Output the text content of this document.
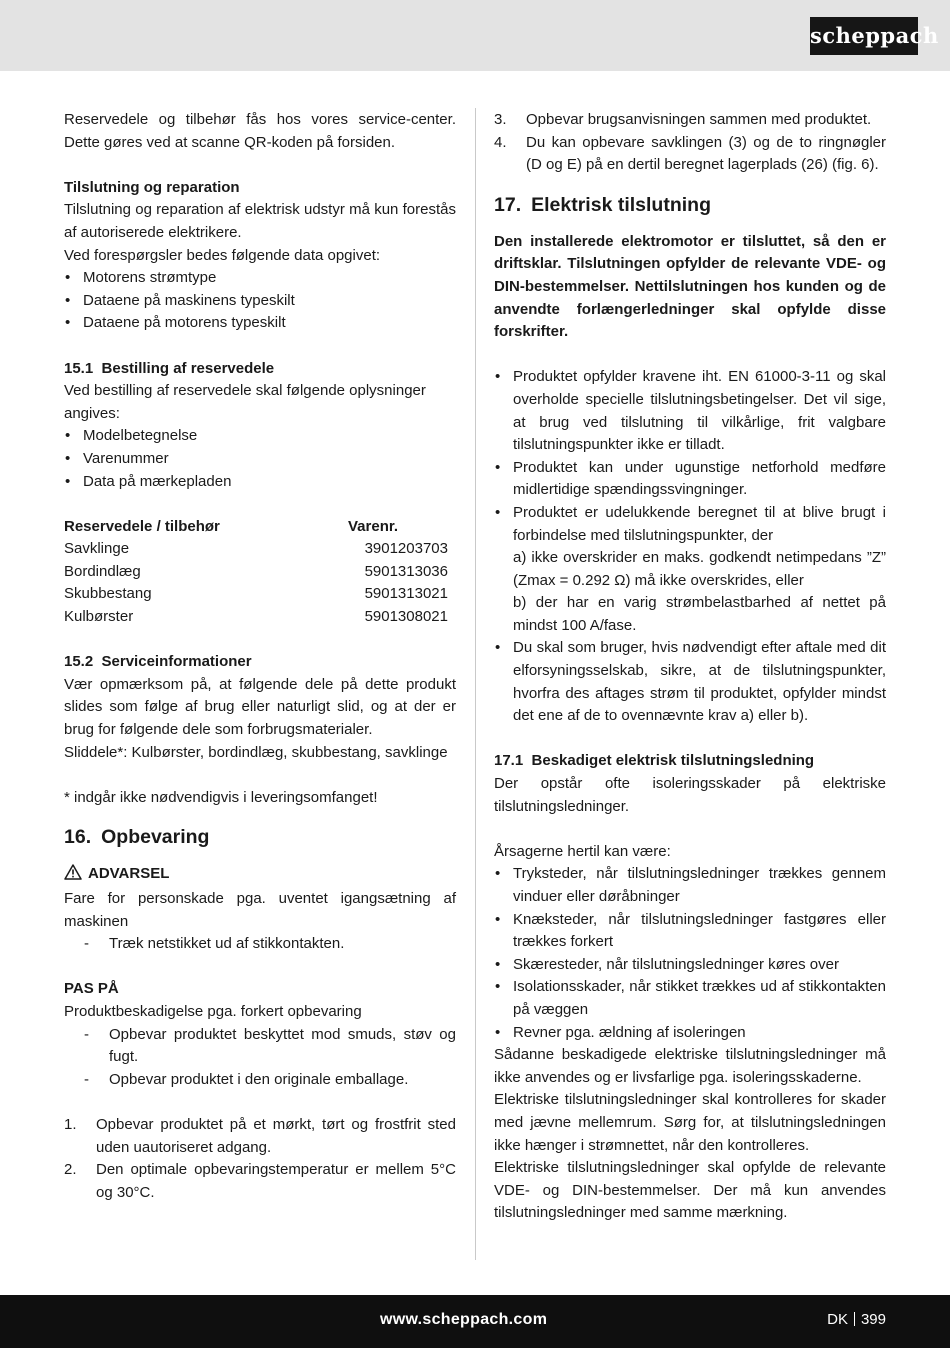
scheppach

Reservedele og tilbehør fås hos vores service-center. Dette gøres ved at scanne QR-koden på forsiden.

Tilslutning og reparation

Tilslutning og reparation af elektrisk udstyr må kun forestås af autoriserede elektrikere.

Ved forespørgsler bedes følgende data opgivet:

• Motorens strømtype
• Dataene på maskinens typeskilt
• Dataene på motorens typeskilt

15.1  Bestilling af reservedele

Ved bestilling af reservedele skal følgende oplysninger angives:

• Modelbetegnelse
• Varenummer
• Data på mærkepladen
Reservedele / tilbehør	Varenr.
Savklinge	3901203703
Bordindlæg	5901313036
Skubbestang	5901313021
Kulbørster	5901308021

15.2  Serviceinformationer

Vær opmærksom på, at følgende dele på dette produkt slides som følge af brug eller naturligt slid, og at der er brug for følgende dele som forbrugsmaterialer.

Sliddele*: Kulbørster, bordindlæg, skubbestang, savklinge

* indgår ikke nødvendigvis i leveringsomfanget!

16. Opbevaring

ADVARSEL

Fare for personskade pga. uventet igangsætning af maskinen

- Træk netstikket ud af stikkontakten.

PAS PÅ

Produktbeskadigelse pga. forkert opbevaring

- Opbevar produktet beskyttet mod smuds, støv og fugt.
- Opbevar produktet i den originale emballage.
1. Opbevar produktet på et mørkt, tørt og frostfrit sted uden uautoriseret adgang.
2. Den optimale opbevaringstemperatur er mellem 5°C og 30°C.
3. Opbevar brugsanvisningen sammen med produktet.
4. Du kan opbevare savklingen (3) og de to ringnøgler (D og E) på en dertil beregnet lagerplads (26) (fig. 6).
17. Elektrisk tilslutning

Den installerede elektromotor er tilsluttet, så den er driftsklar. Tilslutningen opfylder de relevante VDE- og DIN-bestemmelser. Nettilslutningen hos kunden og de anvendte forlængerledninger skal opfylde disse forskrifter.

• Produktet opfylder kravene iht. EN 61000-3-11 og skal overholde specielle tilslutningsbetingelser. Det vil sige, at brug ved tilslutning til vilkårlige, frit valgbare tilslutningspunkter ikke er tilladt.
• Produktet kan under ugunstige netforhold medføre midlertidige spændingssvingninger.
• Produktet er udelukkende beregnet til at blive brugt i forbindelse med tilslutningspunkter, der
a) ikke overskrider en maks. godkendt netimpedans ”Z” (Zmax = 0.292 Ω) må ikke overskrides, eller
b) der har en varig strømbelastbarhed af nettet på mindst 100 A/fase.
• Du skal som bruger, hvis nødvendigt efter aftale med dit elforsyningsselskab, sikre, at de tilslutningspunkter, hvorfra des aftages strøm til produktet, opfylder mindst det ene af de to ovennævnte krav a) eller b).

17.1  Beskadiget elektrisk tilslutningsledning

Der opstår ofte isoleringsskader på elektriske tilslutningsledninger.

Årsagerne hertil kan være:

• Tryksteder, når tilslutningsledninger trækkes gennem vinduer eller døråbninger
• Knæksteder, når tilslutningsledninger fastgøres eller trækkes forkert
• Skæresteder, når tilslutningsledninger køres over
• Isolationsskader, når stikket trækkes ud af stikkontakten på væggen
• Revner pga. ældning af isoleringen

Sådanne beskadigede elektriske tilslutningsledninger må ikke anvendes og er livsfarlige pga. isoleringsskaderne.

Elektriske tilslutningsledninger skal kontrolleres for skader med jævne mellemrum. Sørg for, at tilslutningsledningen ikke hænger i strømnettet, når den kontrolleres.

Elektriske tilslutningsledninger skal opfylde de relevante VDE- og DIN-bestemmelser. Der må kun anvendes tilslutningsledninger med samme mærkning.

www.scheppach.com	DK 399
